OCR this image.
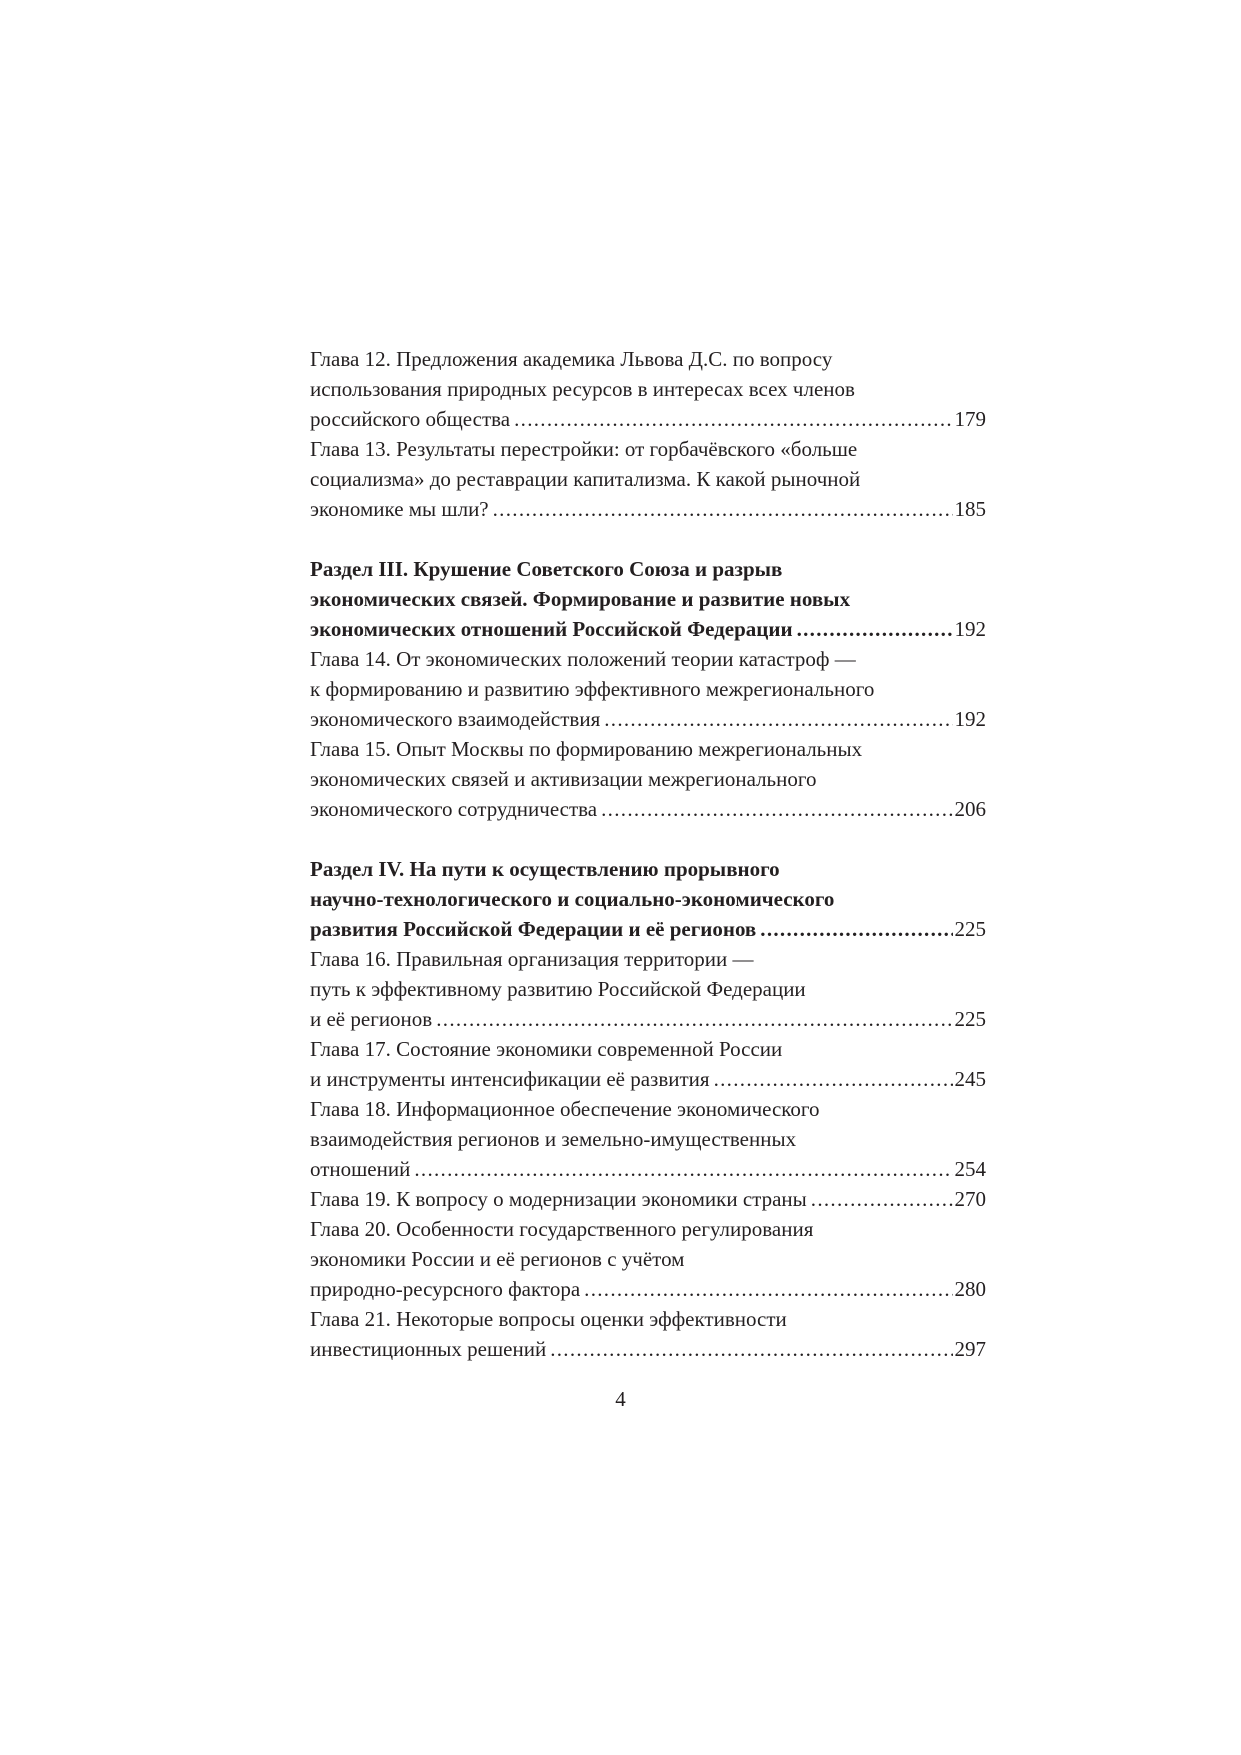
Глава 12. Предложения академика Львова Д.С. по вопросу
использования природных ресурсов в интересах всех членов
российского общества .....	179
Глава 13. Результаты перестройки: от горбачёвского «больше
социализма» до реставрации капитализма. К какой рыночной
экономике мы шли? .....	185
Раздел III. Крушение Советского Союза и разрыв
экономических связей. Формирование и развитие новых
экономических отношений Российской Федерации .....	192
Глава 14. От экономических положений теории катастроф —
к формированию и развитию эффективного межрегионального
экономического взаимодействия .....	192
Глава 15. Опыт Москвы по формированию межрегиональных
экономических связей и активизации межрегионального
экономического сотрудничества .....	206
Раздел IV. На пути к осуществлению прорывного
научно-технологического и социально-экономического
развития Российской Федерации и её регионов .....	225
Глава 16. Правильная организация территории —
путь к эффективному развитию Российской Федерации
и её регионов .....	225
Глава 17. Состояние экономики современной России
и инструменты интенсификации её развития .....	245
Глава 18. Информационное обеспечение экономического
взаимодействия регионов и земельно-имущественных
отношений .....	254
Глава 19. К вопросу о модернизации экономики страны .....	270
Глава 20. Особенности государственного регулирования
экономики России и её регионов с учётом
природно-ресурсного фактора .....	280
Глава 21. Некоторые вопросы оценки эффективности
инвестиционных решений .....	297
4
